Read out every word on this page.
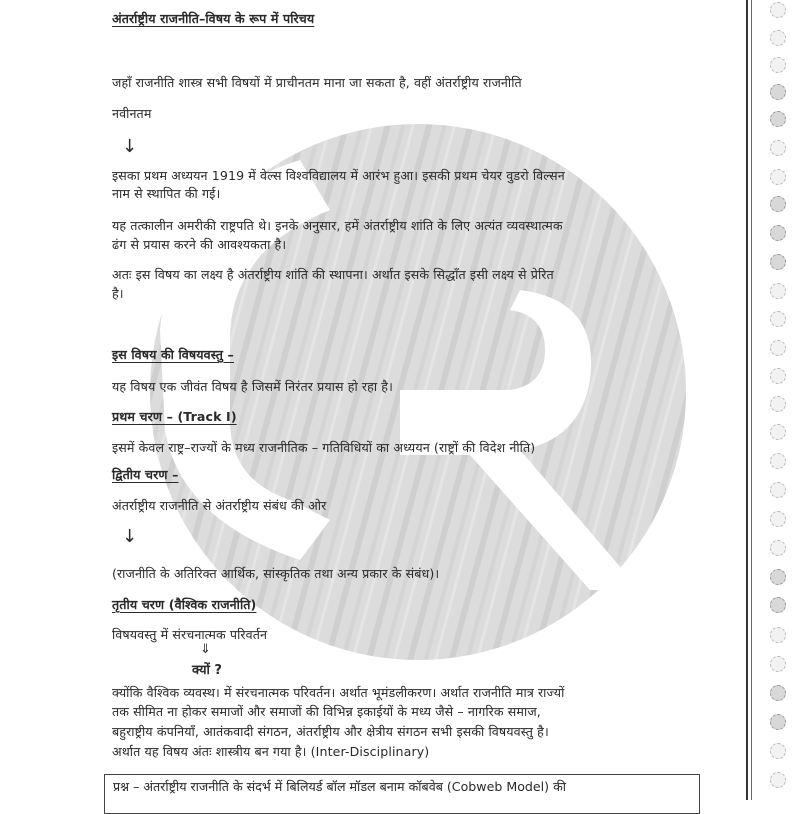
अंतर्राष्ट्रीय राजनीति–विषय के रूप में परिचय
जहाँ राजनीति शास्त्र सभी विषयों में प्राचीनतम माना जा सकता है, वहीं अंतर्राष्ट्रीय राजनीति
नवीनतम
↓
इसका प्रथम अध्ययन 1919 में वेल्स विश्वविद्यालय में आरंभ हुआ। इसकी प्रथम चेयर वुडरो विल्सन
नाम से स्थापित की गई।
यह तत्कालीन अमरीकी राष्ट्रपति थे। इनके अनुसार, हमें अंतर्राष्ट्रीय शांति के लिए अत्यंत व्यवस्थात्मक
ढंग से प्रयास करने की आवश्यकता है।
अतः इस विषय का लक्ष्य है अंतर्राष्ट्रीय शांति की स्थापना। अर्थात इसके सिद्धाँत इसी लक्ष्य से प्रेरित
है।
इस विषय की विषयवस्तु –
यह विषय एक जीवंत विषय है जिसमें निरंतर प्रयास हो रहा है।
प्रथम चरण – (Track I)
इसमें केवल राष्ट्र–राज्यों के मध्य राजनीतिक – गतिविधियों का अध्ययन (राष्ट्रों की विदेश नीति)
द्वितीय चरण –
अंतर्राष्ट्रीय राजनीति से अंतर्राष्ट्रीय संबंध की ओर
↓
(राजनीति के अतिरिक्त आर्थिक, सांस्कृतिक तथा अन्य प्रकार के संबंध)।
तृतीय चरण (वैश्विक राजनीति)
विषयवस्तु में संरचनात्मक परिवर्तन
⇓
क्यों ?
क्योंकि वैश्विक व्यवस्थ। में संरचनात्मक परिवर्तन। अर्थात भूमंडलीकरण। अर्थात राजनीति मात्र राज्यों
तक सीमित ना होकर समाजों और समाजों की विभिन्न इकाईयों के मध्य जैसे – नागरिक समाज,
बहुराष्ट्रीय कंपनियाँ, आतंकवादी संगठन, अंतर्राष्ट्रीय और क्षेत्रीय संगठन सभी इसकी विषयवस्तु है।
अर्थात यह विषय अंतः शास्त्रीय बन गया है। (Inter-Disciplinary)
प्रश्न – अंतर्राष्ट्रीय राजनीति के संदर्भ में बिलियर्ड बॉल मॉडल बनाम कॉबवेब (Cobweb Model) की
